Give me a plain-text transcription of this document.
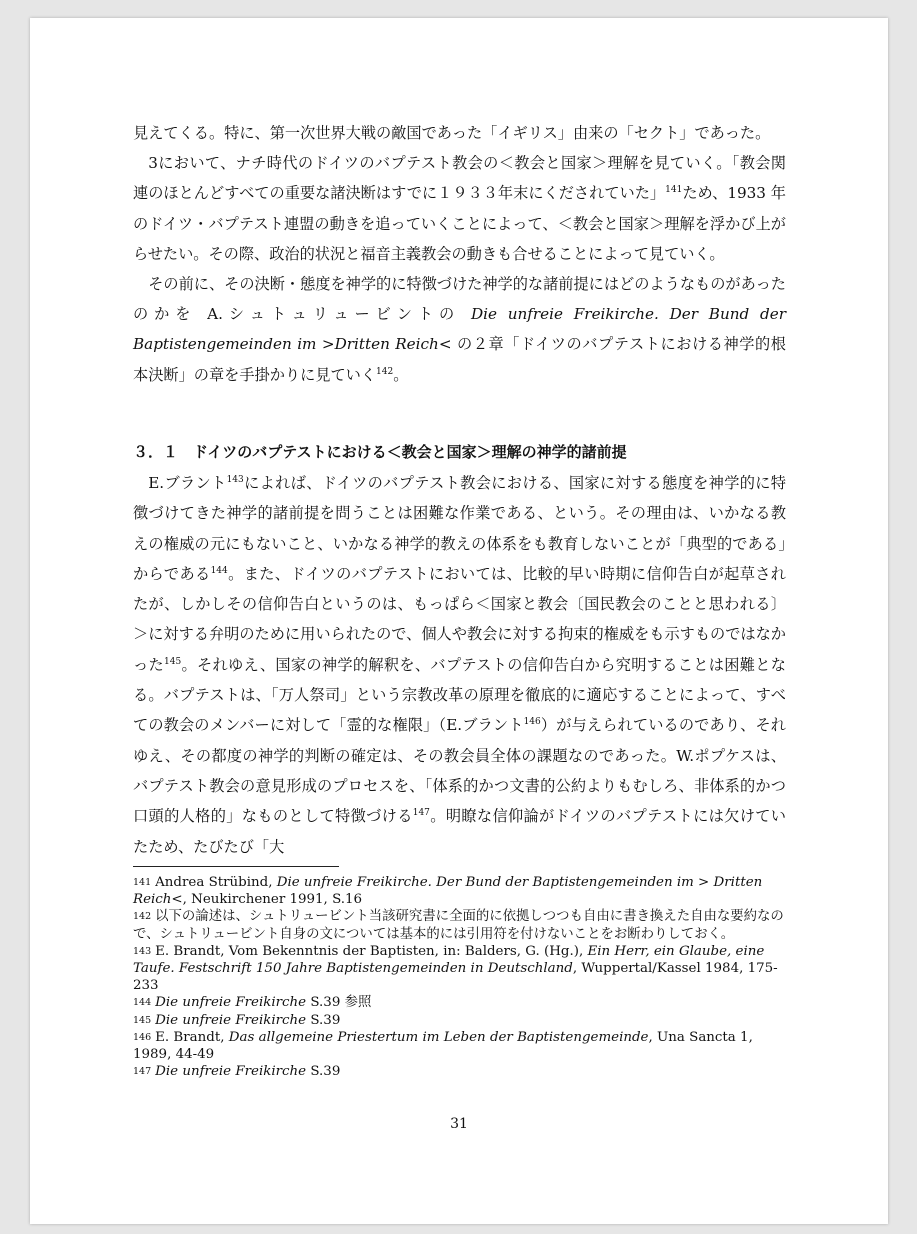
見えてくる。特に、第一次世界大戦の敵国であった「イギリス」由来の「セクト」であった。

3において、ナチ時代のドイツのバプテスト教会の＜教会と国家＞理解を見ていく。「教会関連のほとんどすべての重要な諸決断はすでに１９３３年末にくだされていた」$^{141}$ため、1933 年のドイツ・バプテスト連盟の動きを追っていくことによって、＜教会と国家＞理解を浮かび上がらせたい。その際、政治的状況と福音主義教会の動きも合せることによって見ていく。

その前に、その決断・態度を神学的に特徴づけた神学的な諸前提にはどのようなものがあったのかを A.シュトュリュービントの Die unfreie Freikirche. Der Bund der Baptistengemeinden im >Dritten Reich< の２章「ドイツのバプテストにおける神学的根本決断」の章を手掛かりに見ていく$^{142}$。

３．１　ドイツのバプテストにおける＜教会と国家＞理解の神学的諸前提

E.ブラント$^{143}$によれば、ドイツのバプテスト教会における、国家に対する態度を神学的に特徴づけてきた神学的諸前提を問うことは困難な作業である、という。その理由は、いかなる教えの権威の元にもないこと、いかなる神学的教えの体系をも教育しないことが「典型的である」からである$^{144}$。また、ドイツのバプテストにおいては、比較的早い時期に信仰告白が起草されたが、しかしその信仰告白というのは、もっぱら＜国家と教会〔国民教会のことと思われる〕＞に対する弁明のために用いられたので、個人や教会に対する拘束的権威をも示すものではなかった$^{145}$。それゆえ、国家の神学的解釈を、バプテストの信仰告白から究明することは困難となる。バプテストは、「万人祭司」という宗教改革の原理を徹底的に適応することによって、すべての教会のメンバーに対して「霊的な権限」（E.ブラント$^{146}$）が与えられているのであり、それゆえ、その都度の神学的判断の確定は、その教会員全体の課題なのであった。W.ポプケスは、バプテスト教会の意見形成のプロセスを、「体系的かつ文書的公約よりもむしろ、非体系的かつ口頭的人格的」なものとして特徴づける$^{147}$。明瞭な信仰論がドイツのバプテストには欠けていたため、たびたび「大

141 Andrea Strübind, Die unfreie Freikirche. Der Bund der Baptistengemeinden im > Dritten Reich<, Neukirchener 1991, S.16

142 以下の論述は、シュトリュービント当該研究書に全面的に依拠しつつも自由に書き換えた自由な要約なので、シュトリュービント自身の文については基本的には引用符を付けないことをお断わりしておく。

143 E. Brandt, Vom Bekenntnis der Baptisten, in: Balders, G. (Hg.), Ein Herr, ein Glaube, eine Taufe. Festschrift 150 Jahre Baptistengemeinden in Deutschland, Wuppertal/Kassel 1984, 175-233

144 Die unfreie Freikirche S.39 参照

145 Die unfreie Freikirche S.39

146 E. Brandt, Das allgemeine Priestertum im Leben der Baptistengemeinde, Una Sancta 1, 1989, 44-49

147 Die unfreie Freikirche S.39

31
